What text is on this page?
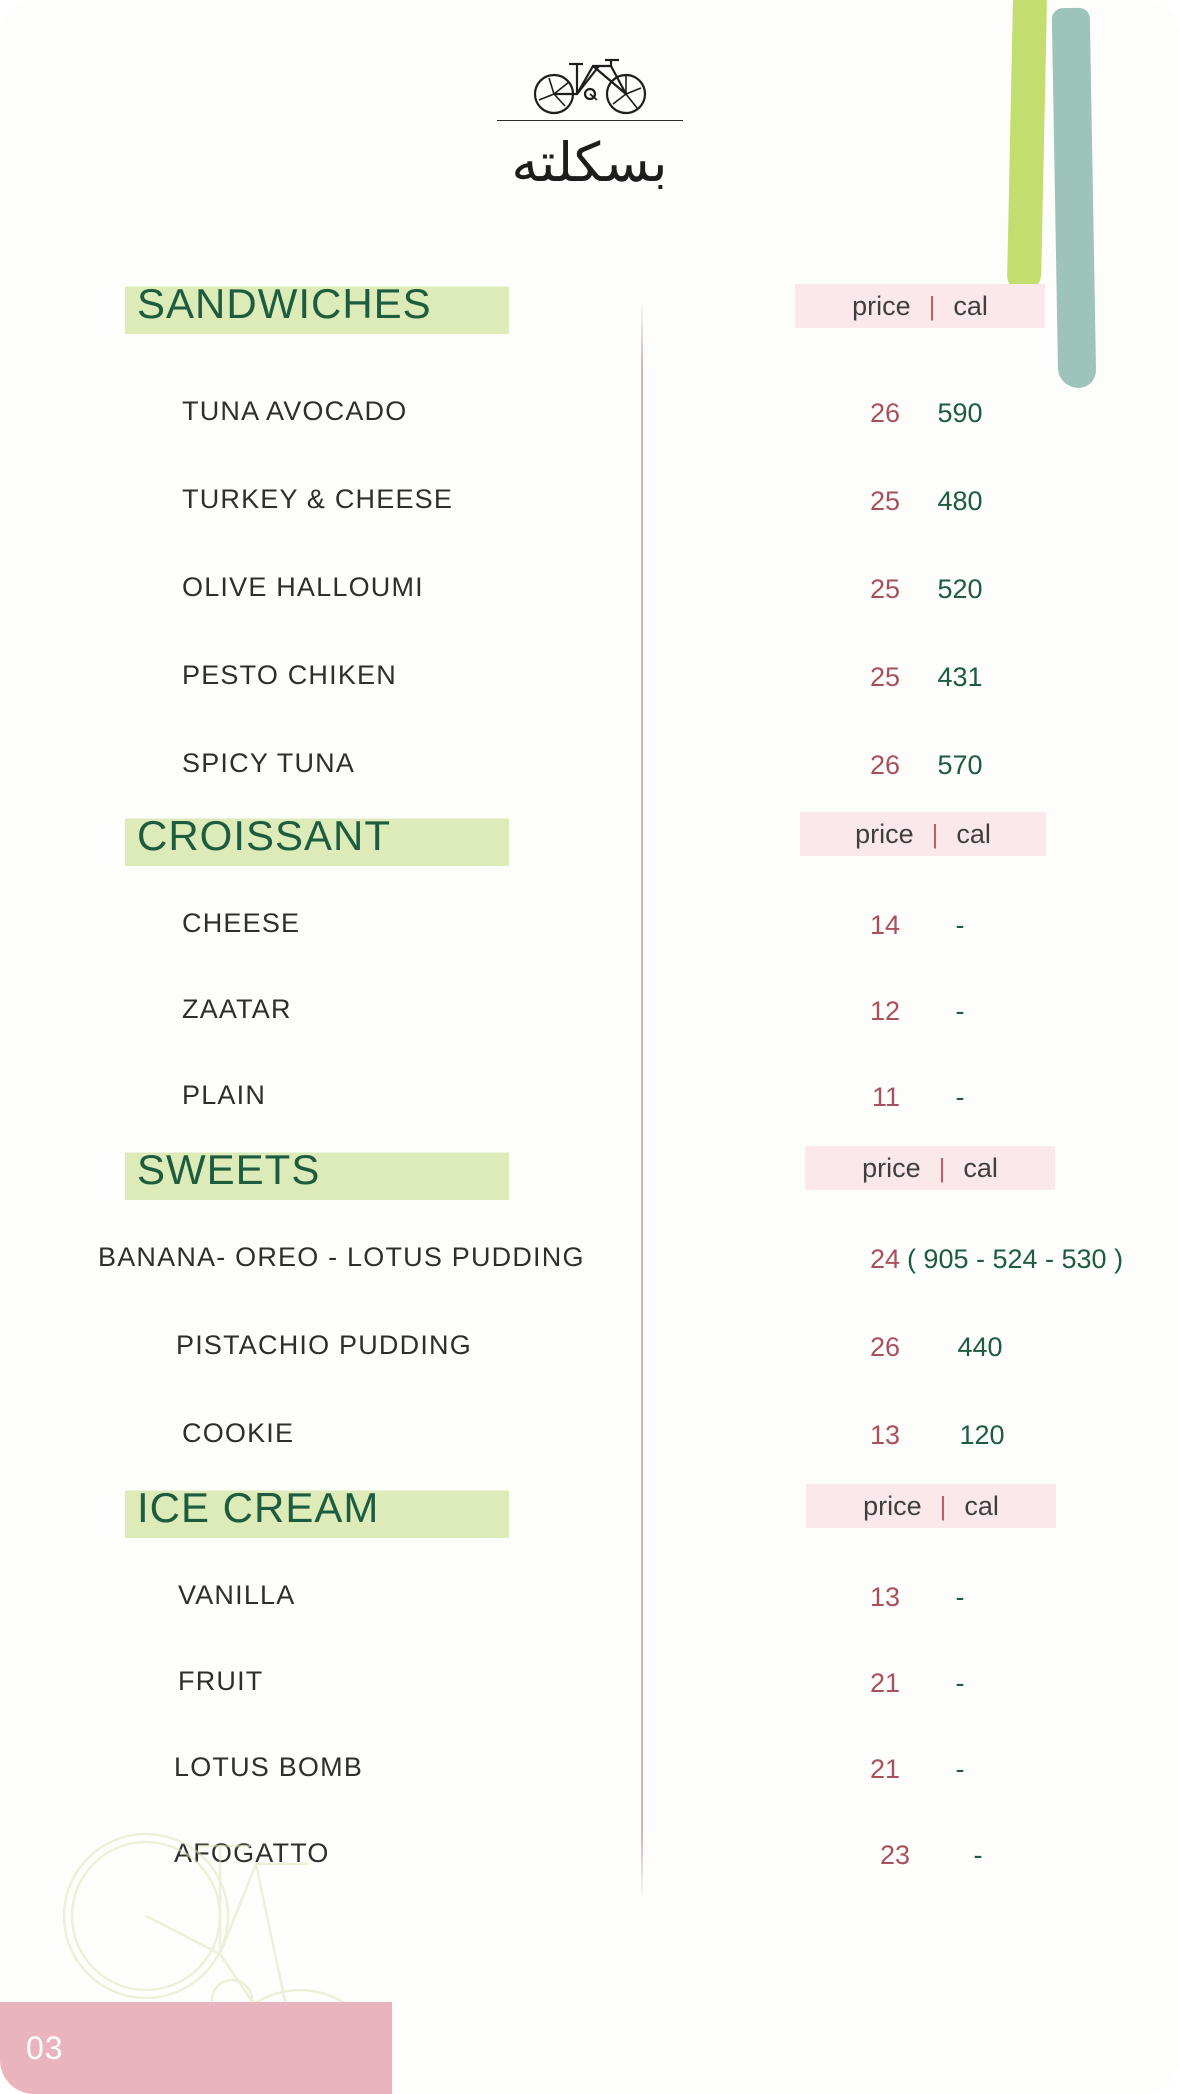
بسكلته
SANDWICHES	price | cal
TUNA AVOCADO	26	590
TURKEY & CHEESE	25	480
OLIVE HALLOUMI	25	520
PESTO CHIKEN	25	431
SPICY TUNA	26	570
CROISSANT	price | cal
CHEESE	14	-
ZAATAR	12	-
PLAIN	11	-
SWEETS	price | cal
BANANA- OREO - LOTUS PUDDING	24 ( 905 - 524 - 530 )
PISTACHIO PUDDING	26	440
COOKIE	13	120
ICE CREAM	price | cal
VANILLA	13	-
FRUIT	21	-
LOTUS BOMB	21	-
AFOGATTO	23	-
03
